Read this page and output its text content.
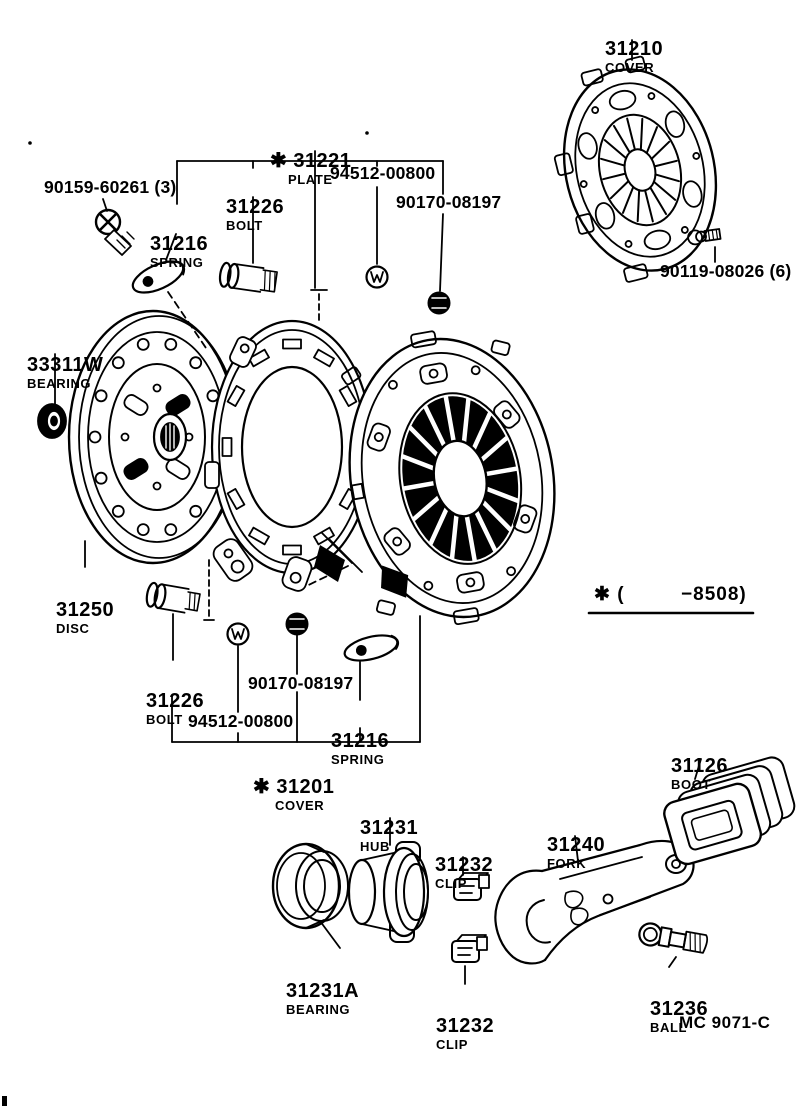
31210
COVER

90119-08026 (6)

✱ 31221
PLATE

90159-60261 (3)

31226
BOLT

94512-00800
90170-08197

31216
SPRING

33311W
BEARING

31250
DISC

31226
BOLT

90170-08197
94512-00800

31216
SPRING

✱ 31201
COVER

✱ (         −8508)

31231
HUB

31232
CLIP

31240
FORK

31126
BOOT

31231A
BEARING

31232
CLIP

31236
BALL

MC 9071-C
